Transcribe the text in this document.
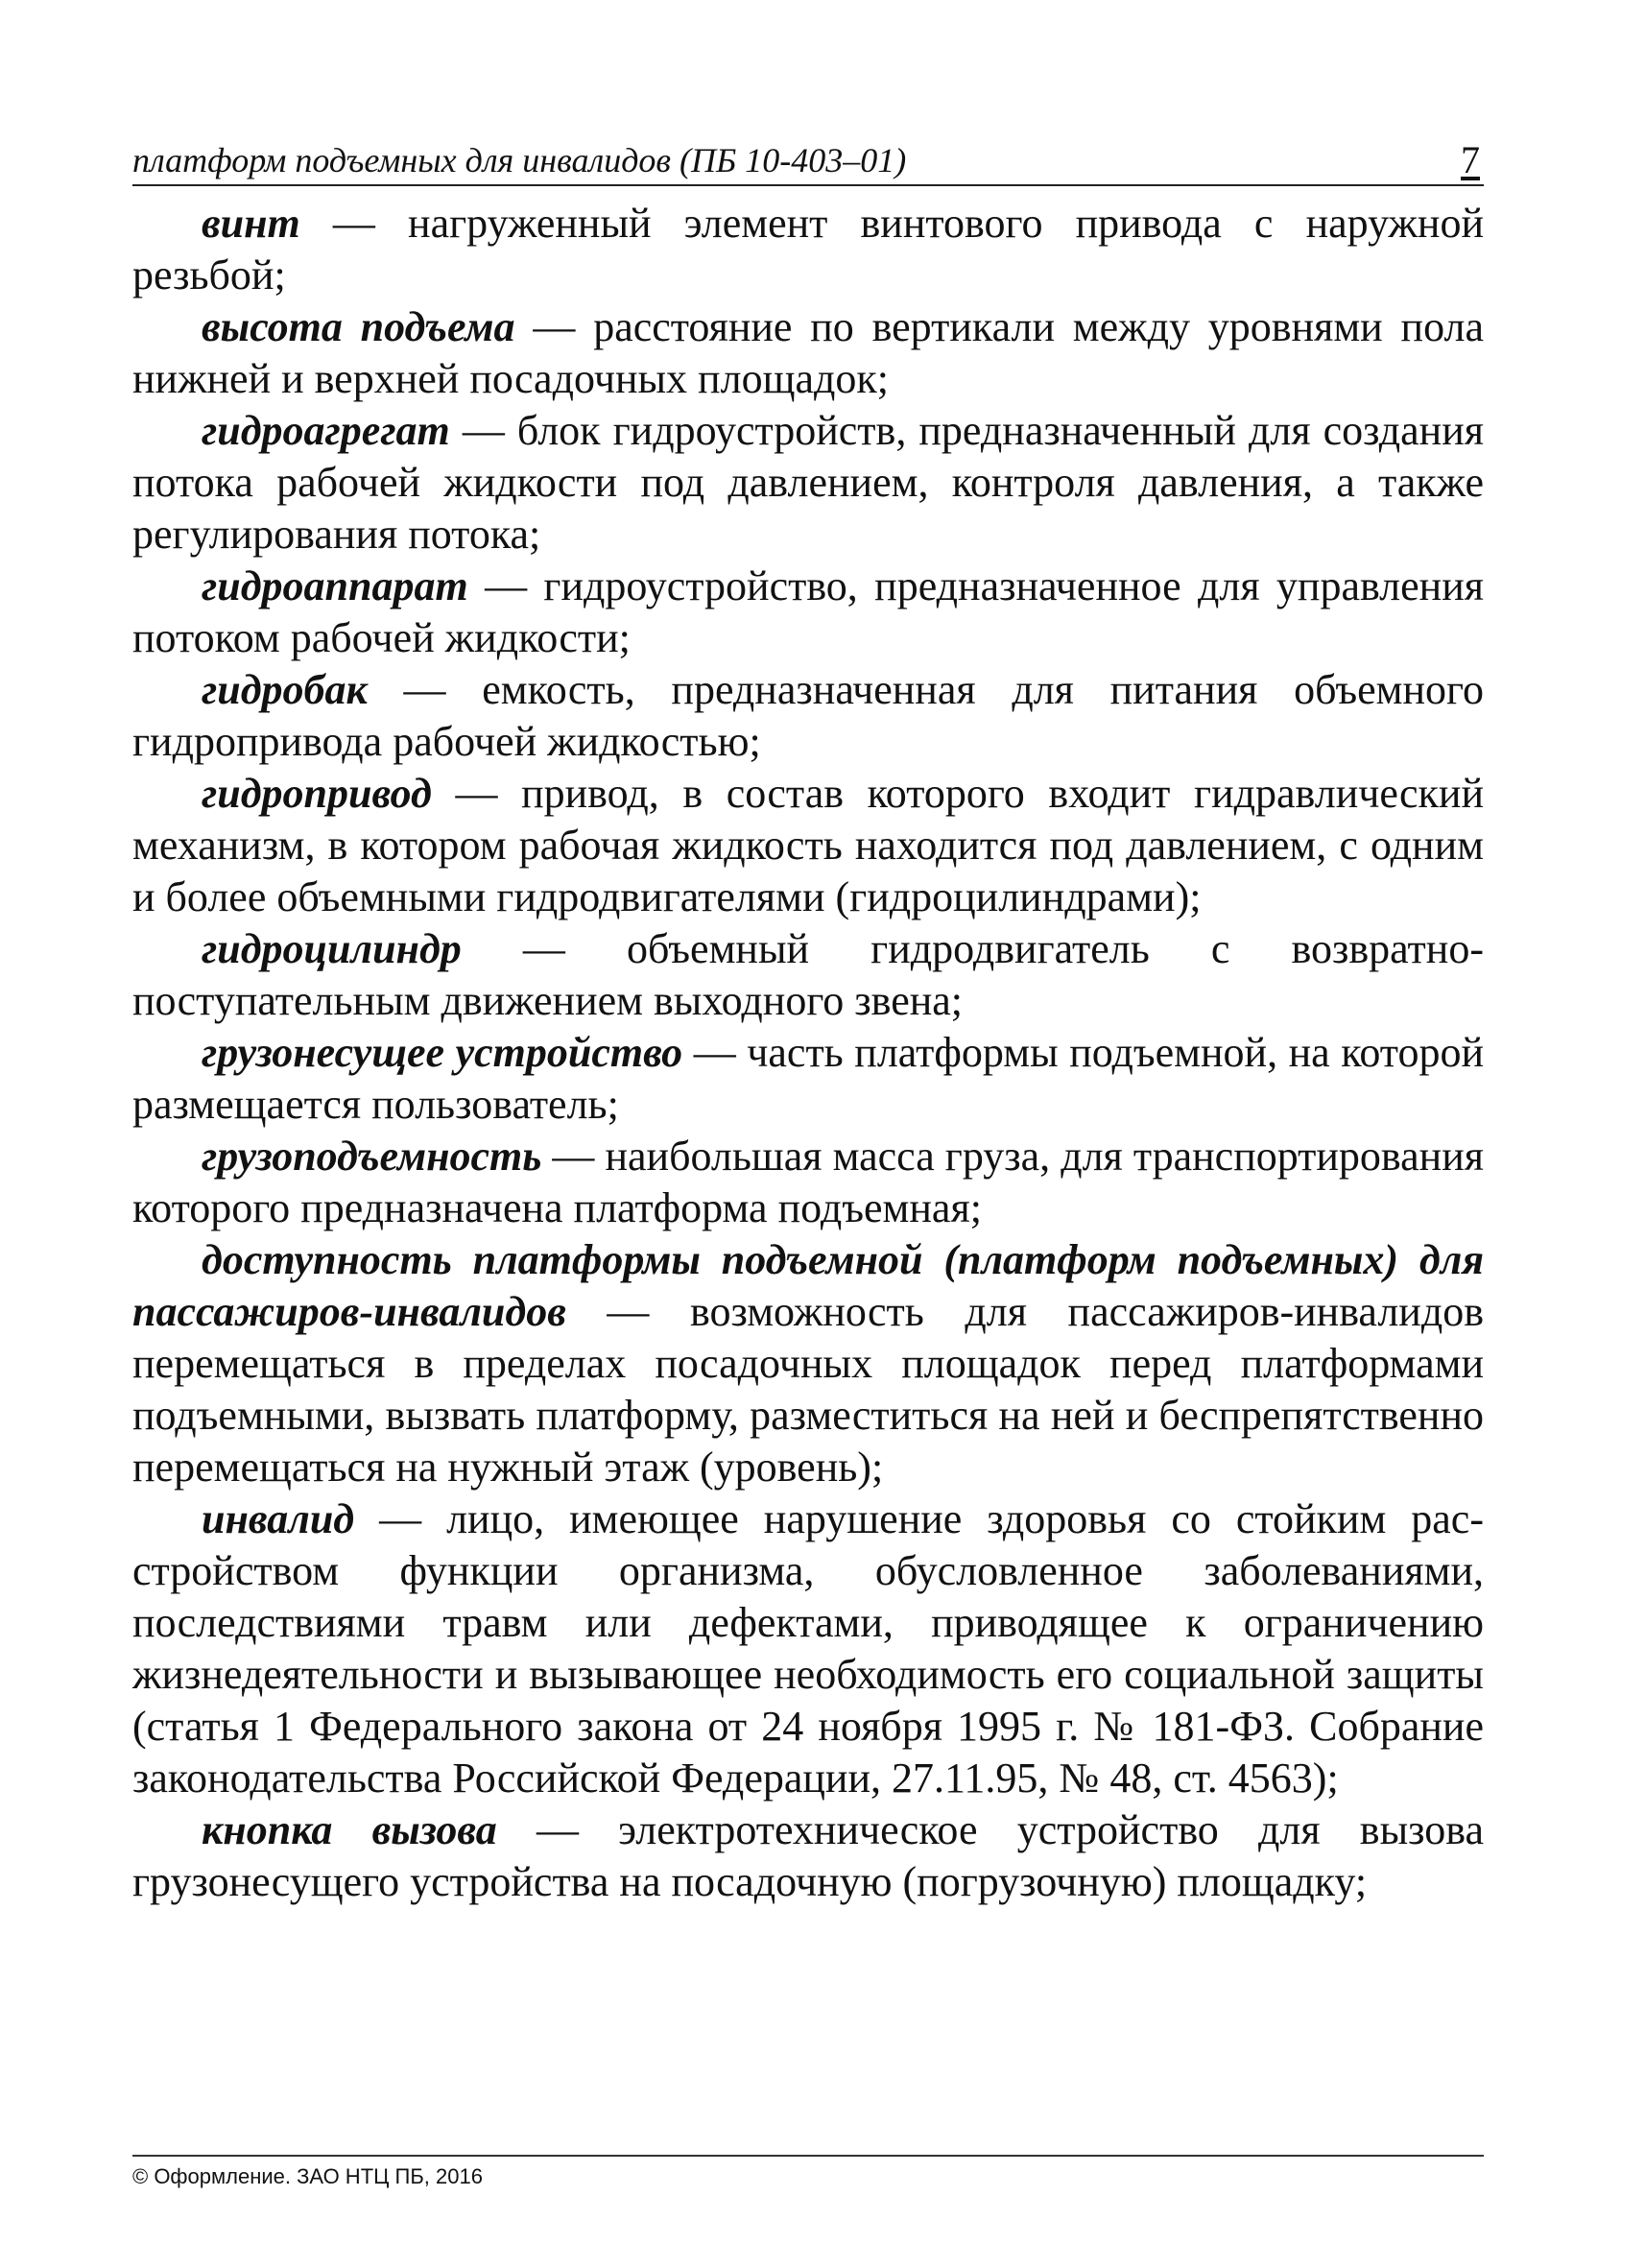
платформ подъемных для инвалидов (ПБ 10-403–01)	7

винт — нагруженный элемент винтового привода с наружной резьбой;

высота подъема — расстояние по вертикали между уровнями пола нижней и верхней посадочных площадок;

гидроагрегат — блок гидроустройств, предназначенный для создания потока рабочей жидкости под давлением, контроля давления, а также регулирования потока;

гидроаппарат — гидроустройство, предназначенное для управления потоком рабочей жидкости;

гидробак — емкость, предназначенная для питания объемного гидропривода рабочей жидкостью;

гидропривод — привод, в состав которого входит гидравлический механизм, в котором рабочая жидкость находится под давлением, с одним и более объемными гидродвигателями (гидроцилиндрами);

гидроцилиндр — объемный гидродвигатель с возвратно-поступательным движением выходного звена;

грузонесущее устройство — часть платформы подъемной, на которой размещается пользователь;

грузоподъемность — наибольшая масса груза, для транспортирования которого предназначена платформа подъемная;

доступность платформы подъемной (платформ подъемных) для пассажиров-инвалидов — возможность для пассажиров-инвалидов перемещаться в пределах посадочных площадок перед платформами подъемными, вызвать платформу, разместиться на ней и беспрепятственно перемещаться на нужный этаж (уровень);

инвалид — лицо, имеющее нарушение здоровья со стойким расстройством функции организма, обусловленное заболеваниями, последствиями травм или дефектами, приводящее к ограничению жизнедеятельности и вызывающее необходимость его социальной защиты (статья 1 Федерального закона от 24 ноября 1995 г. № 181-ФЗ. Собрание законодательства Российской Федерации, 27.11.95, № 48, ст. 4563);

кнопка вызова — электротехническое устройство для вызова грузонесущего устройства на посадочную (погрузочную) площадку;

© Оформление. ЗАО НТЦ ПБ, 2016
